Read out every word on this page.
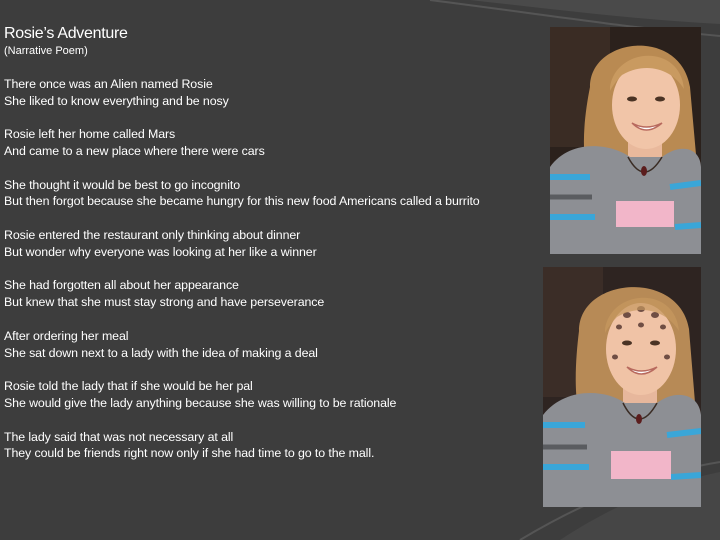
Rosie’s Adventure
(Narrative Poem)
There once was an Alien named Rosie
She liked to know everything and be nosy
Rosie left her home called Mars
And came to a new place where there were cars
She thought it would be best to go incognito
But then forgot because she became hungry for this new food Americans called a burrito
Rosie entered the restaurant only thinking about dinner
But wonder why everyone was looking at her like a winner
She had forgotten all about her appearance
But knew that she must stay strong and have perseverance
After ordering her meal
She sat down next to a lady with the idea of making a deal
Rosie told the lady that if she would be her pal
She would give the lady anything because she was willing to be rationale
The lady said that was not necessary at all
They could be friends right now only if she had time to go to the mall.
